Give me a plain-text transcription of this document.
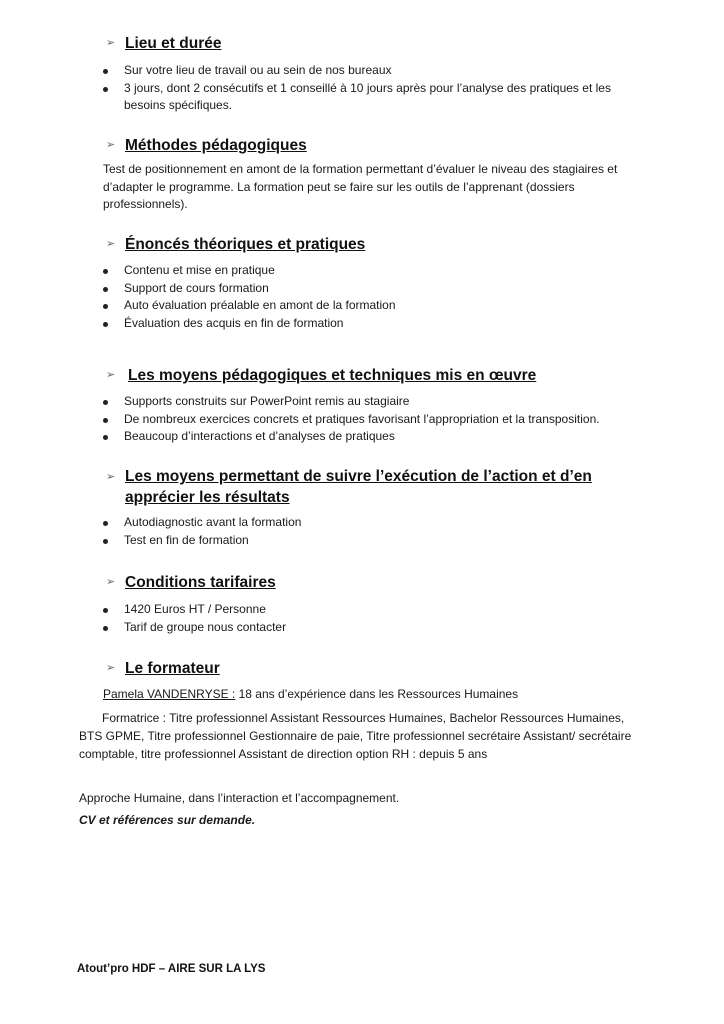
➢ Lieu et durée
Sur votre lieu de travail ou au sein de nos bureaux
3 jours, dont 2 consécutifs et 1 conseillé à 10 jours après pour l’analyse des pratiques et les besoins spécifiques.
➢ Méthodes pédagogiques
Test de positionnement en amont de la formation permettant d’évaluer le niveau des stagiaires et d’adapter le programme. La formation peut se faire sur les outils de l’apprenant (dossiers professionnels).
➢ Énoncés théoriques et pratiques
Contenu et mise en pratique
Support de cours formation
Auto évaluation préalable en amont de la formation
Évaluation des acquis en fin de formation
➢ Les moyens pédagogiques et techniques mis en œuvre
Supports construits sur PowerPoint remis au stagiaire
De nombreux exercices concrets et pratiques favorisant l’appropriation et la transposition.
Beaucoup d’interactions et d’analyses de pratiques
➢ Les moyens permettant de suivre l’exécution de l’action et d’en
apprécier les résultats
Autodiagnostic avant la formation
Test en fin de formation
➢ Conditions tarifaires
1420 Euros HT / Personne
Tarif de groupe nous contacter
➢ Le formateur
Pamela VANDENRYSE : 18 ans d’expérience dans les Ressources Humaines
Formatrice : Titre professionnel Assistant Ressources Humaines, Bachelor Ressources Humaines, BTS GPME, Titre professionnel Gestionnaire de paie, Titre professionnel secrétaire Assistant/ secrétaire comptable, titre professionnel Assistant de direction option RH : depuis 5 ans
Approche Humaine, dans l’interaction et l’accompagnement.
CV et références sur demande.
Atout’pro HDF – AIRE SUR LA LYS
